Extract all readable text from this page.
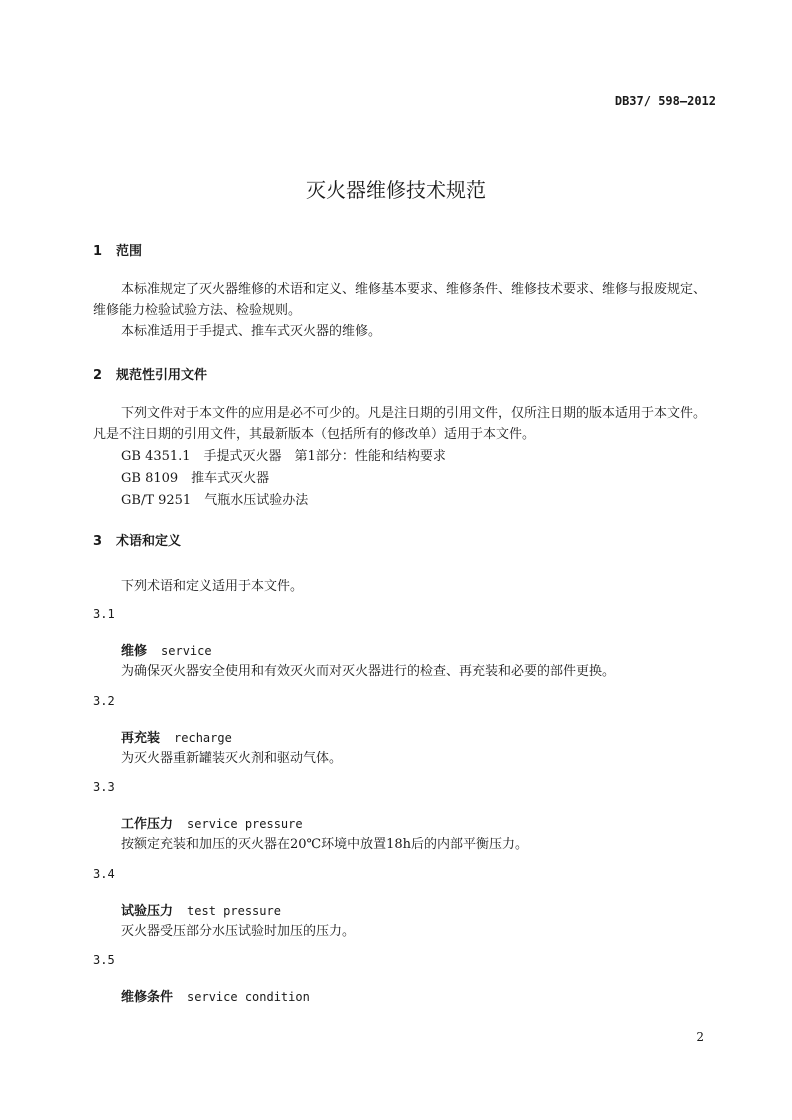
DB37/ 598—2012
灭火器维修技术规范
1 范围

本标准规定了灭火器维修的术语和定义、维修基本要求、维修条件、维修技术要求、维修与报废规定、维修能力检验试验方法、检验规则。

本标准适用于手提式、推车式灭火器的维修。

2 规范性引用文件

下列文件对于本文件的应用是必不可少的。凡是注日期的引用文件，仅所注日期的版本适用于本文件。凡是不注日期的引用文件，其最新版本（包括所有的修改单）适用于本文件。

GB 4351.1　手提式灭火器　第1部分：性能和结构要求
GB 8109　推车式灭火器
GB/T 9251　气瓶水压试验办法
3 术语和定义
下列术语和定义适用于本文件。
3.1
维修 service
为确保灭火器安全使用和有效灭火而对灭火器进行的检查、再充装和必要的部件更换。
3.2
再充装 recharge
为灭火器重新罐装灭火剂和驱动气体。
3.3
工作压力 service pressure
按额定充装和加压的灭火器在20℃环境中放置18h后的内部平衡压力。
3.4
试验压力 test pressure
灭火器受压部分水压试验时加压的压力。
3.5
维修条件 service condition
2
